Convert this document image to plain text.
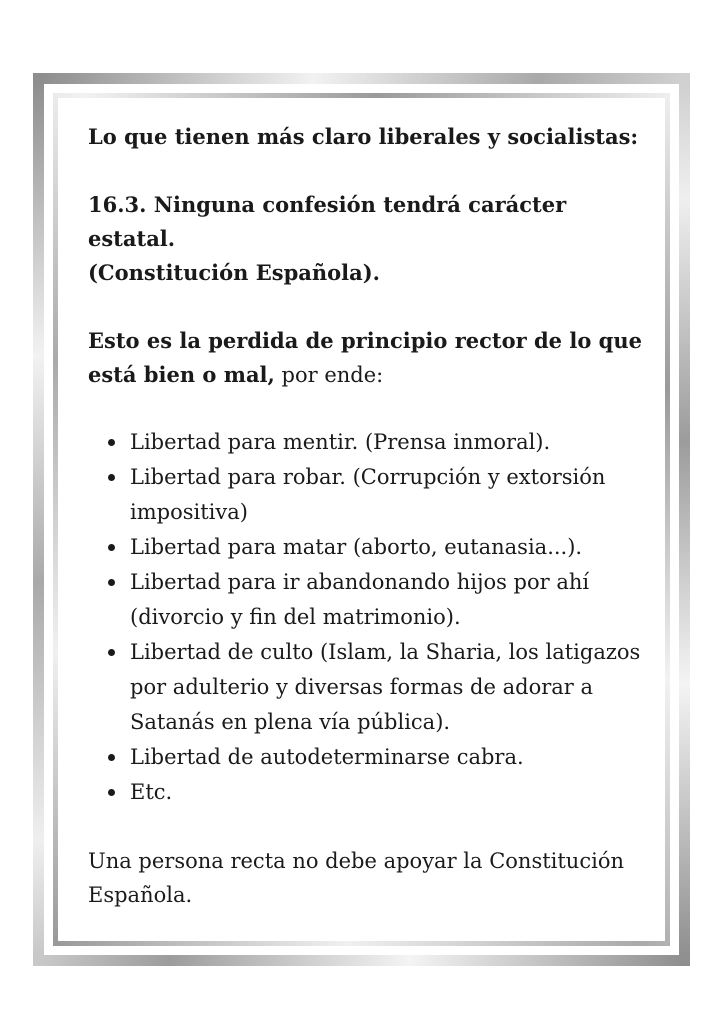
Lo que tienen más claro liberales y socialistas:

16.3. Ninguna confesión tendrá carácter estatal.

(Constitución Española).

Esto es la perdida de principio rector de lo que está bien o mal, por ende:

Libertad para mentir. (Prensa inmoral).
Libertad para robar. (Corrupción y extorsión impositiva)
Libertad para matar (aborto, eutanasia...).
Libertad para ir abandonando hijos por ahí (divorcio y fin del matrimonio).
Libertad de culto (Islam, la Sharia, los latigazos por adulterio y diversas formas de adorar a Satanás en plena vía pública).
Libertad de autodeterminarse cabra.
Etc.

Una persona recta no debe apoyar la Constitución Española.
